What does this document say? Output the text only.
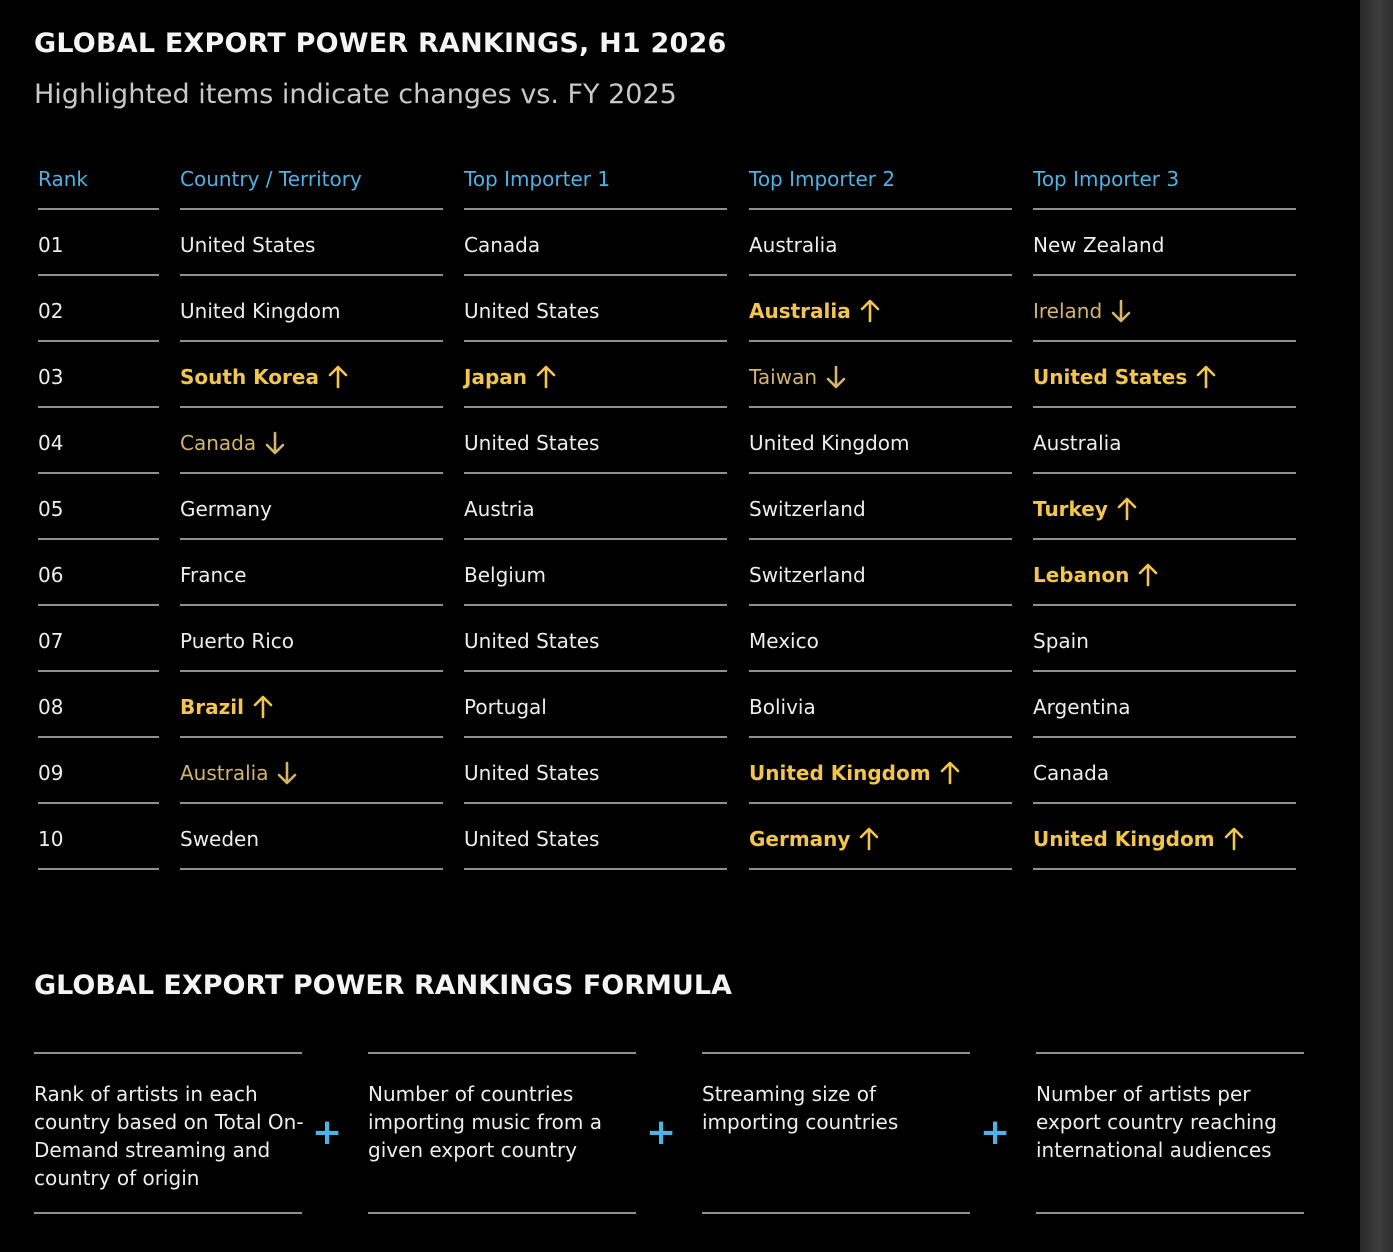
GLOBAL EXPORT POWER RANKINGS, H1 2026
Highlighted items indicate changes vs. FY 2025
Rank	Country / Territory	Top Importer 1	Top Importer 2	Top Importer 3
01	United States	Canada	Australia	New Zealand
02	United Kingdom	United States	Australia	Ireland
03	South Korea	Japan	Taiwan	United States
04	Canada	United States	United Kingdom	Australia
05	Germany	Austria	Switzerland	Turkey
06	France	Belgium	Switzerland	Lebanon
07	Puerto Rico	United States	Mexico	Spain
08	Brazil	Portugal	Bolivia	Argentina
09	Australia	United States	United Kingdom	Canada
10	Sweden	United States	Germany	United Kingdom
GLOBAL EXPORT POWER RANKINGS FORMULA
Rank of artists in each country based on Total On-Demand streaming and country of origin
+
Number of countries importing music from a given export country	+
Streaming size of importing countries	+
Number of artists per export country reaching international audiences
